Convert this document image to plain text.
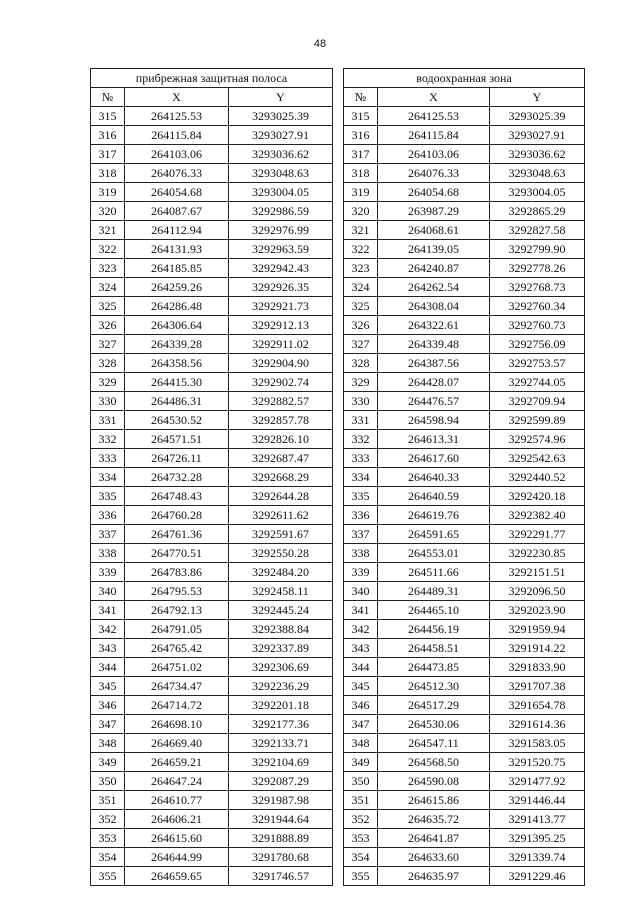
48
прибрежная защитная полоса		
№	X	Y
315	264125.53	3293025.39
316	264115.84	3293027.91
317	264103.06	3293036.62
318	264076.33	3293048.63
319	264054.68	3293004.05
320	264087.67	3292986.59
321	264112.94	3292976.99
322	264131.93	3292963.59
323	264185.85	3292942.43
324	264259.26	3292926.35
325	264286.48	3292921.73
326	264306.64	3292912.13
327	264339.28	3292911.02
328	264358.56	3292904.90
329	264415.30	3292902.74
330	264486.31	3292882.57
331	264530.52	3292857.78
332	264571.51	3292826.10
333	264726.11	3292687.47
334	264732.28	3292668.29
335	264748.43	3292644.28
336	264760.28	3292611.62
337	264761.36	3292591.67
338	264770.51	3292550.28
339	264783.86	3292484.20
340	264795.53	3292458.11
341	264792.13	3292445.24
342	264791.05	3292388.84
343	264765.42	3292337.89
344	264751.02	3292306.69
345	264734.47	3292236.29
346	264714.72	3292201.18
347	264698.10	3292177.36
348	264669.40	3292133.71
349	264659.21	3292104.69
350	264647.24	3292087.29
351	264610.77	3291987.98
352	264606.21	3291944.64
353	264615.60	3291888.89
354	264644.99	3291780.68
355	264659.65	3291746.57
водоохранная зона		
№	X	Y
315	264125.53	3293025.39
316	264115.84	3293027.91
317	264103.06	3293036.62
318	264076.33	3293048.63
319	264054.68	3293004.05
320	263987.29	3292865.29
321	264068.61	3292827.58
322	264139.05	3292799.90
323	264240.87	3292778.26
324	264262.54	3292768.73
325	264308.04	3292760.34
326	264322.61	3292760.73
327	264339.48	3292756.09
328	264387.56	3292753.57
329	264428.07	3292744.05
330	264476.57	3292709.94
331	264598.94	3292599.89
332	264613.31	3292574.96
333	264617.60	3292542.63
334	264640.33	3292440.52
335	264640.59	3292420.18
336	264619.76	3292382.40
337	264591.65	3292291.77
338	264553.01	3292230.85
339	264511.66	3292151.51
340	264489.31	3292096.50
341	264465.10	3292023.90
342	264456.19	3291959.94
343	264458.51	3291914.22
344	264473.85	3291833.90
345	264512.30	3291707.38
346	264517.29	3291654.78
347	264530.06	3291614.36
348	264547.11	3291583.05
349	264568.50	3291520.75
350	264590.08	3291477.92
351	264615.86	3291446.44
352	264635.72	3291413.77
353	264641.87	3291395.25
354	264633.60	3291339.74
355	264635.97	3291229.46
